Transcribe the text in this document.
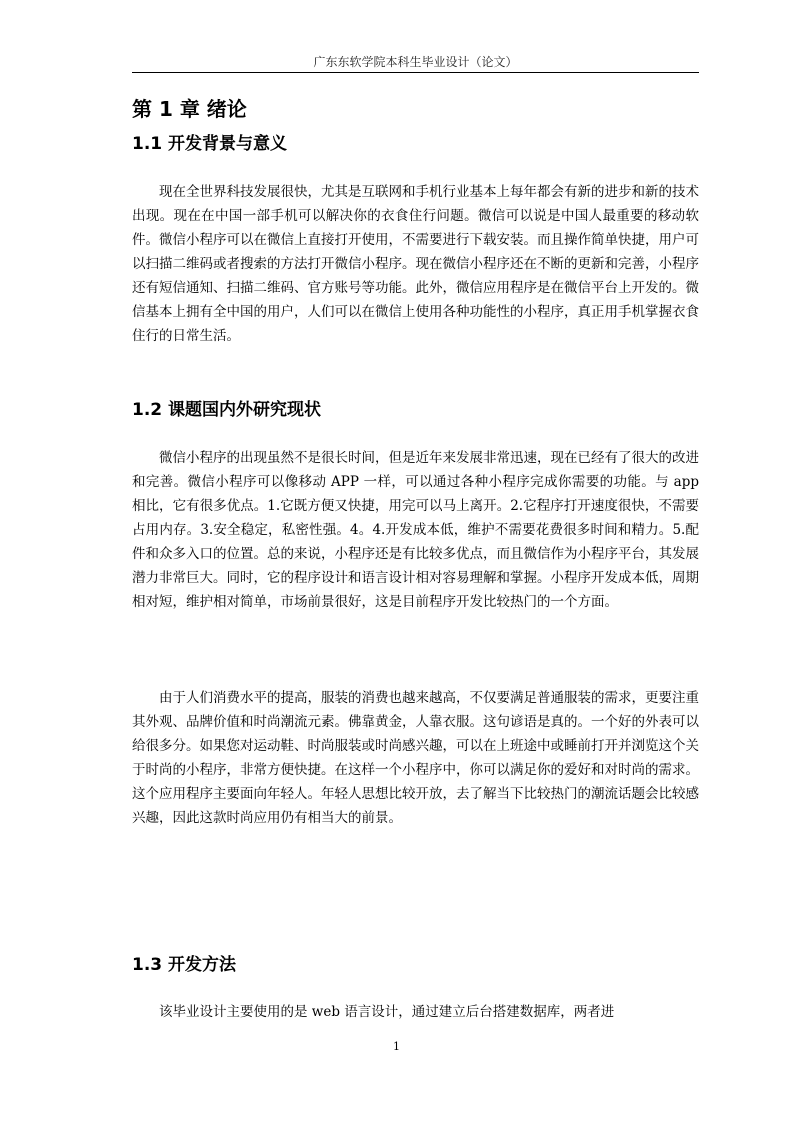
广东东软学院本科生毕业设计（论文）
第 1 章 绪论
1.1 开发背景与意义

现在全世界科技发展很快，尤其是互联网和手机行业基本上每年都会有新的进步和新的技术出现。现在在中国一部手机可以解决你的衣食住行问题。微信可以说是中国人最重要的移动软件。微信小程序可以在微信上直接打开使用，不需要进行下载安装。而且操作简单快捷，用户可以扫描二维码或者搜索的方法打开微信小程序。现在微信小程序还在不断的更新和完善，小程序还有短信通知、扫描二维码、官方账号等功能。此外，微信应用程序是在微信平台上开发的。微信基本上拥有全中国的用户，人们可以在微信上使用各种功能性的小程序，真正用手机掌握衣食住行的日常生活。

1.2 课题国内外研究现状

微信小程序的出现虽然不是很长时间，但是近年来发展非常迅速，现在已经有了很大的改进和完善。微信小程序可以像移动 APP 一样，可以通过各种小程序完成你需要的功能。与 app 相比，它有很多优点。1.它既方便又快捷，用完可以马上离开。2.它程序打开速度很快，不需要占用内存。3.安全稳定，私密性强。4。4.开发成本低，维护不需要花费很多时间和精力。5.配件和众多入口的位置。总的来说，小程序还是有比较多优点，而且微信作为小程序平台，其发展潜力非常巨大。同时，它的程序设计和语言设计相对容易理解和掌握。小程序开发成本低，周期相对短，维护相对简单，市场前景很好，这是目前程序开发比较热门的一个方面。

由于人们消费水平的提高，服装的消费也越来越高，不仅要满足普通服装的需求，更要注重其外观、品牌价值和时尚潮流元素。佛靠黄金，人靠衣服。这句谚语是真的。一个好的外表可以给很多分。如果您对运动鞋、时尚服装或时尚感兴趣，可以在上班途中或睡前打开并浏览这个关于时尚的小程序，非常方便快捷。在这样一个小程序中，你可以满足你的爱好和对时尚的需求。这个应用程序主要面向年轻人。年轻人思想比较开放，去了解当下比较热门的潮流话题会比较感兴趣，因此这款时尚应用仍有相当大的前景。

1.3 开发方法

该毕业设计主要使用的是 web 语言设计，通过建立后台搭建数据库，两者进

1
